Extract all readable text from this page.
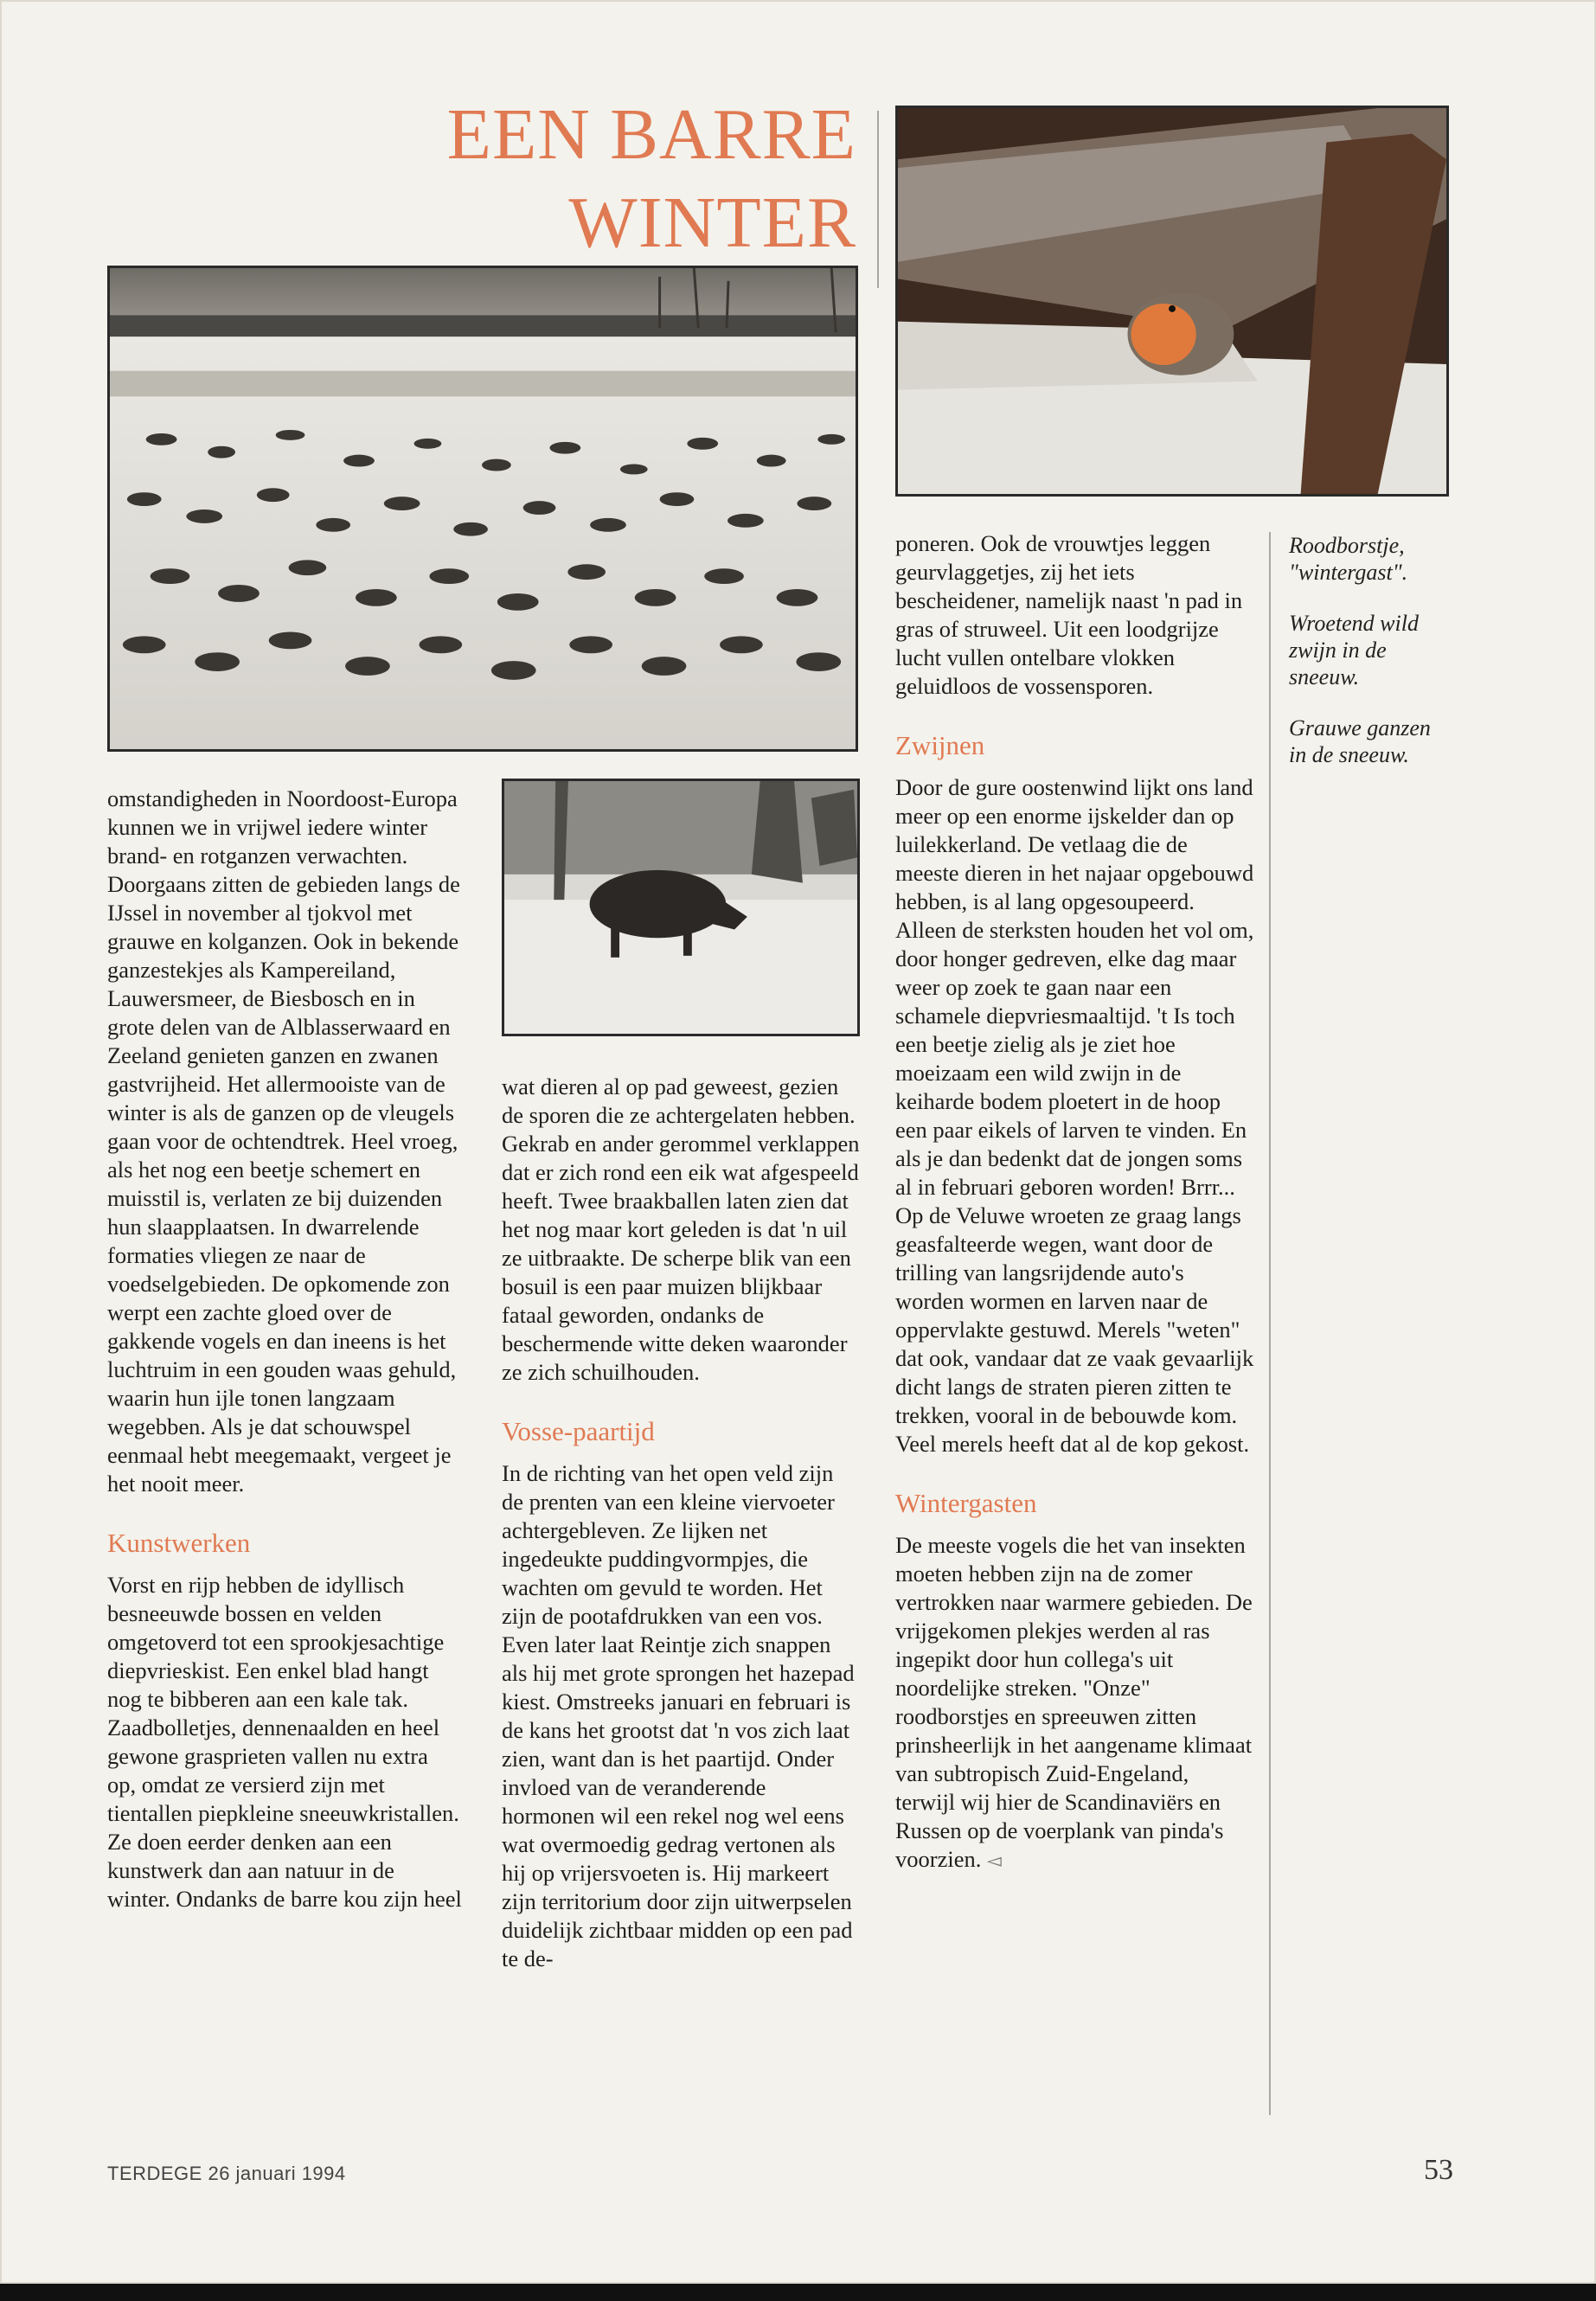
EEN BARRE
WINTER

omstandigheden in Noordoost-Europa kunnen we in vrijwel iedere winter brand- en rotganzen verwachten. Doorgaans zitten de gebieden langs de IJssel in november al tjokvol met grauwe en kolganzen. Ook in bekende ganzestekjes als Kampereiland, Lauwersmeer, de Biesbosch en in grote delen van de Alblasserwaard en Zeeland genieten ganzen en zwanen gastvrijheid. Het allermooiste van de winter is als de ganzen op de vleugels gaan voor de ochtendtrek. Heel vroeg, als het nog een beetje schemert en muisstil is, verlaten ze bij duizenden hun slaapplaatsen. In dwarrelende formaties vliegen ze naar de voedselgebieden. De opkomende zon werpt een zachte gloed over de gakkende vogels en dan ineens is het luchtruim in een gouden waas gehuld, waarin hun ijle tonen langzaam wegebben. Als je dat schouwspel eenmaal hebt meegemaakt, vergeet je het nooit meer.

Kunstwerken

Vorst en rijp hebben de idyllisch besneeuwde bossen en velden omgetoverd tot een sprookjesachtige diepvrieskist. Een enkel blad hangt nog te bibberen aan een kale tak. Zaadbolletjes, dennenaalden en heel gewone grasprieten vallen nu extra op, omdat ze versierd zijn met tientallen piepkleine sneeuwkristallen. Ze doen eerder denken aan een kunstwerk dan aan natuur in de winter. Ondanks de barre kou zijn heel

wat dieren al op pad geweest, gezien de sporen die ze achtergelaten hebben. Gekrab en ander gerommel verklappen dat er zich rond een eik wat afgespeeld heeft. Twee braakballen laten zien dat het nog maar kort geleden is dat 'n uil ze uitbraakte. De scherpe blik van een bosuil is een paar muizen blijkbaar fataal geworden, ondanks de beschermende witte deken waaronder ze zich schuilhouden.

Vosse-paartijd

In de richting van het open veld zijn de prenten van een kleine viervoeter achtergebleven. Ze lijken net ingedeukte puddingvormpjes, die wachten om gevuld te worden. Het zijn de pootafdrukken van een vos. Even later laat Reintje zich snappen als hij met grote sprongen het hazepad kiest. Omstreeks januari en februari is de kans het grootst dat 'n vos zich laat zien, want dan is het paartijd. Onder invloed van de veranderende hormonen wil een rekel nog wel eens wat overmoedig gedrag vertonen als hij op vrijersvoeten is. Hij markeert zijn territorium door zijn uitwerpselen duidelijk zichtbaar midden op een pad te de-

poneren. Ook de vrouwtjes leggen geurvlaggetjes, zij het iets bescheidener, namelijk naast 'n pad in gras of struweel. Uit een loodgrijze lucht vullen ontelbare vlokken geluidloos de vossensporen.

Zwijnen

Door de gure oostenwind lijkt ons land meer op een enorme ijskelder dan op luilekkerland. De vetlaag die de meeste dieren in het najaar opgebouwd hebben, is al lang opgesoupeerd. Alleen de sterksten houden het vol om, door honger gedreven, elke dag maar weer op zoek te gaan naar een schamele diepvriesmaaltijd. 't Is toch een beetje zielig als je ziet hoe moeizaam een wild zwijn in de keiharde bodem ploetert in de hoop een paar eikels of larven te vinden. En als je dan bedenkt dat de jongen soms al in februari geboren worden! Brrr... Op de Veluwe wroeten ze graag langs geasfalteerde wegen, want door de trilling van langsrijdende auto's worden wormen en larven naar de oppervlakte gestuwd. Merels "weten" dat ook, vandaar dat ze vaak gevaarlijk dicht langs de straten pieren zitten te trekken, vooral in de bebouwde kom. Veel merels heeft dat al de kop gekost.

Wintergasten

De meeste vogels die het van insekten moeten hebben zijn na de zomer vertrokken naar warmere gebieden. De vrijgekomen plekjes werden al ras ingepikt door hun collega's uit noordelijke streken. "Onze" roodborstjes en spreeuwen zitten prinsheerlijk in het aangename klimaat van subtropisch Zuid-Engeland, terwijl wij hier de Scandinaviërs en Russen op de voerplank van pinda's voorzien. ◅

Roodborstje, "wintergast".

Wroetend wild zwijn in de sneeuw.

Grauwe ganzen in de sneeuw.

TERDEGE 26 januari 1994	53
